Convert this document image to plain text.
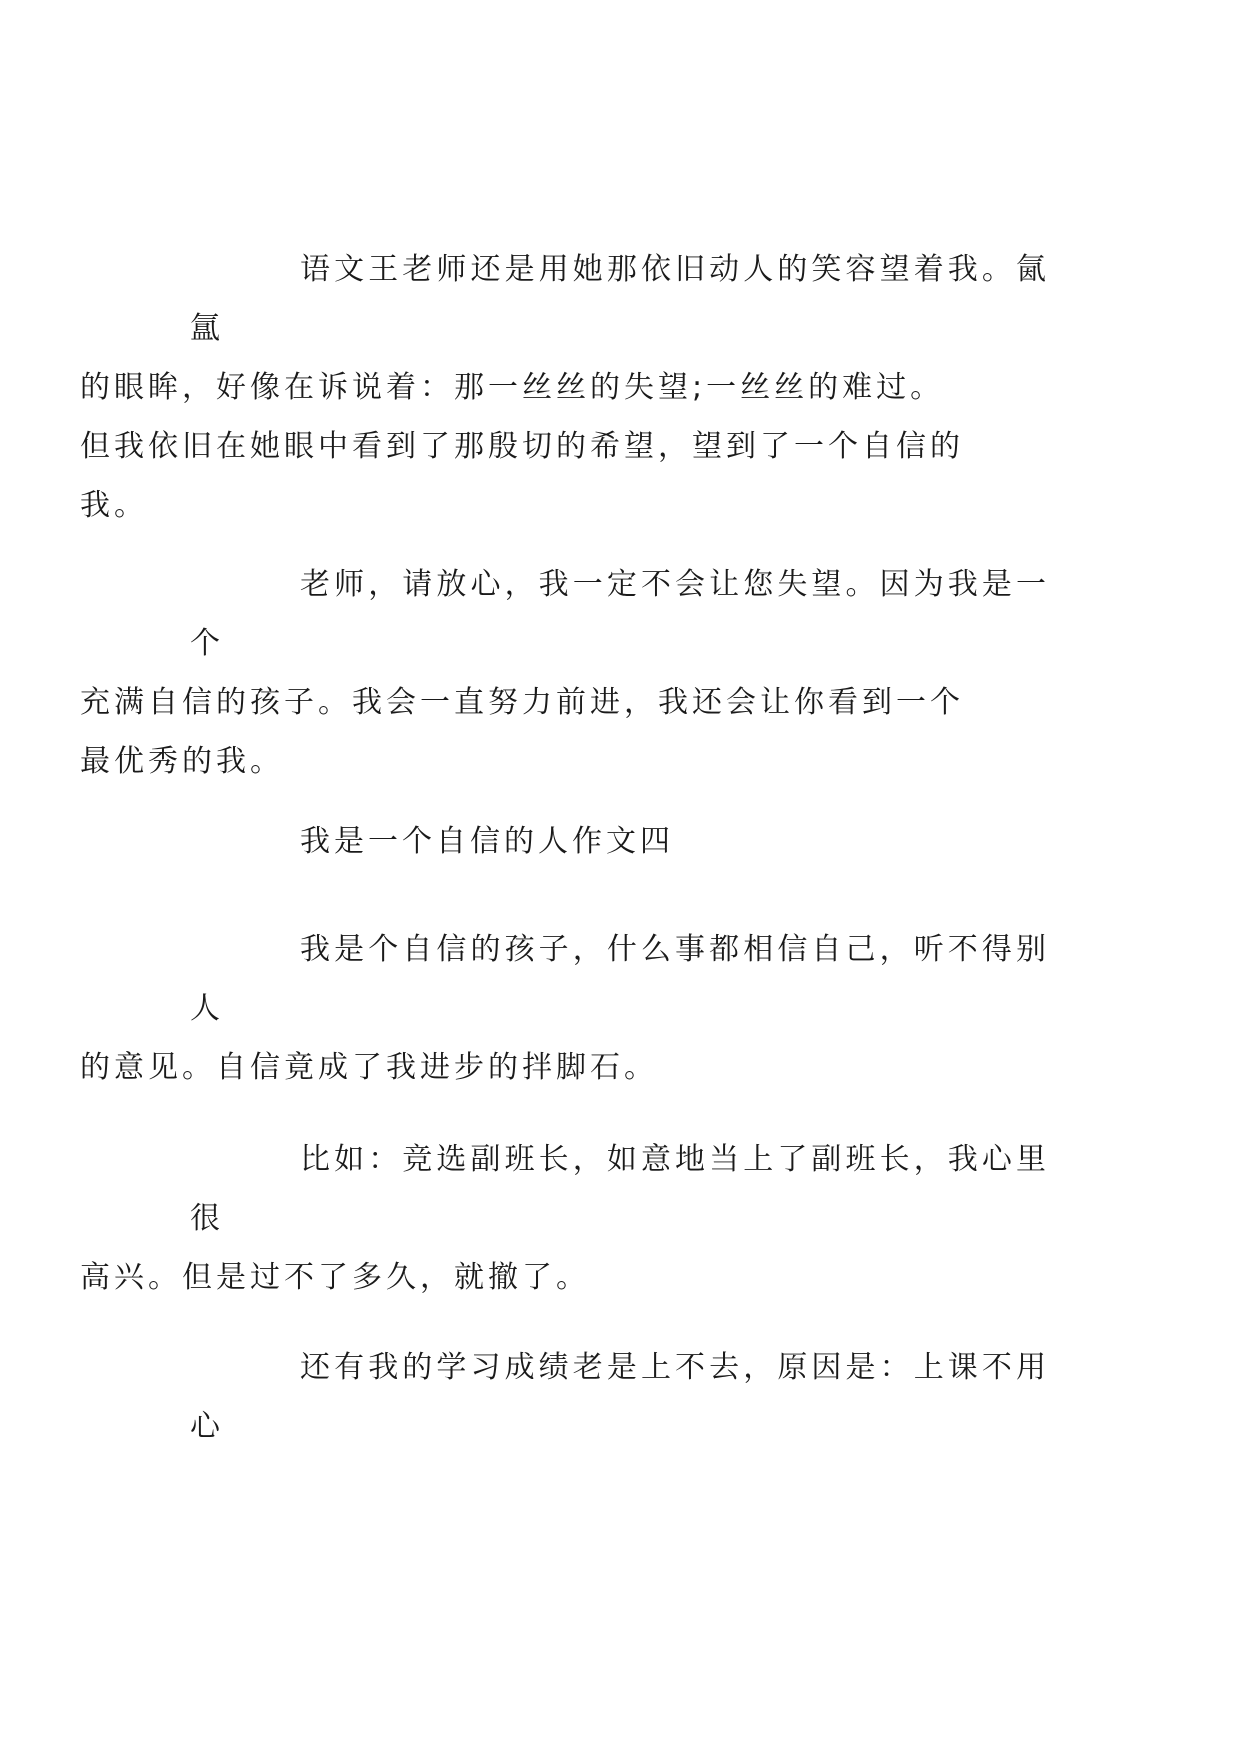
语文王老师还是用她那依旧动人的笑容望着我。氤氲
的眼眸，好像在诉说着：那一丝丝的失望;一丝丝的难过。
但我依旧在她眼中看到了那殷切的希望，望到了一个自信的
我。

老师，请放心，我一定不会让您失望。因为我是一个
充满自信的孩子。我会一直努力前进，我还会让你看到一个
最优秀的我。

我是一个自信的人作文四

我是个自信的孩子，什么事都相信自己，听不得别人
的意见。自信竟成了我进步的拌脚石。

比如：竞选副班长，如意地当上了副班长，我心里很
高兴。但是过不了多久，就撤了。

还有我的学习成绩老是上不去，原因是：上课不用心
